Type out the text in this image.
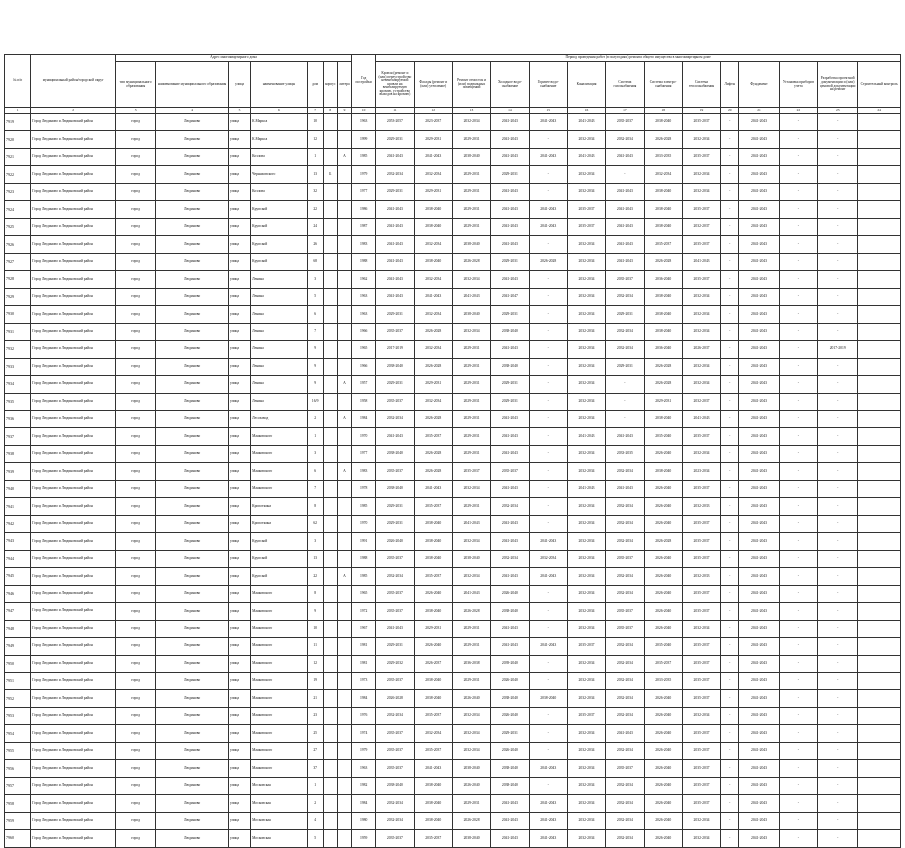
№ п/п	муниципальный район/городской округ	Адрес многоквартирного дома							Год постройки	Период проведения работ (в полугодиях) ремонта общего имущества в многоквартирном доме													
		тип муниципального образования	наименование муниципального образования	улица	наименование улицы	дом	корпус	литера		Кровля (ремонт и (или) переустройство невентилируемой кровли на вентилируемую кровлю, устройство выходов на кровлю)	Фасады (ремонт и (или) утепление)	Ремонт отмосток и (или) подвальных помещений	Холодное водо-снабжение	Горячее водо-снабжение	Канализация	Система газоснабжения	Система электро-снабжения	Система теплоснабжения	Лифты	Фундамент	Установка приборов учета	Разработка проектной документации и (или) ценовой документации на ремонт	Строительный контроль
1	2	3	4	5	6	7	8	9	10	11	12	13	14	15	16	17	18	19	20	21	22	23	24
7919	Город Людиново и Людиновский район	город	Людиново	улица	К.Маркса	10			1963	2053-2057	2023-2037	2032-2034	2041-2043	2041-2043	2041-2043	2035-2037	2038-2040	2035-2037	-	2041-2043	-	-	
7920	Город Людиново и Людиновский район	город	Людиново	улица	К.Маркса	12			1999	2029-2031	2029-2031	2029-2031	2041-2043	-	2032-2034	2032-2034	2026-2028	2032-2034	-	2041-2043	-	-	
7921	Город Людиново и Людиновский район	город	Людиново	улица	Козлова	1		А	1985	2041-2043	2041-2043	2038-2040	2041-2043	2041-2043	2041-2043	2041-2043	2033-2035	2035-2037	-	2041-2043	-	-	
7922	Город Людиново и Людиновский район	город	Людиново	улица	Черняховского	13	Б		1979	2032-2034	2032-2034	2029-2031	2029-2031	-	2032-2034	-	2032-2034	2032-2034	-	2041-2043	-	-	
7923	Город Людиново и Людиновский район	город	Людиново	улица	Козлова	32			1977	2029-2031	2029-2031	2029-2031	2041-2043	-	2032-2034	2041-2043	2038-2040	2032-2034	-	2041-2043	-	-	
7924	Город Людиново и Людиновский район	город	Людиново	улица	Крупской	22			1986	2041-2043	2038-2040	2029-2031	2041-2043	2041-2043	2035-2037	2041-2043	2038-2040	2035-2037	-	2041-2043	-	-	
7925	Город Людиново и Людиновский район	город	Людиново	улица	Крупской	24			1987	2041-2043	2038-2040	2029-2031	2041-2043	2041-2043	2035-2037	2041-2043	2038-2040	2032-2037	-	2041-2043	-	-	
7926	Город Людиново и Людиновский район	город	Людиново	улица	Крупской	26			1983	2041-2043	2032-2034	2038-2040	2041-2043	-	2032-2034	2041-2043	2035-2037	2035-2037	-	2041-2043	-	-	
7927	Город Людиново и Людиновский район	город	Людиново	улица	Крупской	68			1988	2041-2043	2038-2040	2026-2028	2029-2031	2026-2028	2032-2034	2041-2043	2026-2028	2041-2043	-	2041-2043	-	-	
7928	Город Людиново и Людиновский район	город	Людиново	улица	Ленина	3			1962	2041-2043	2032-2034	2032-2034	2041-2043	-	2032-2034	2035-2037	2036-2040	2035-2037	-	2041-2043	-	-	
7929	Город Людиново и Людиновский район	город	Людиново	улица	Ленина	5			1963	2041-2043	2041-2043	2041-2043	2041-2047	-	2032-2034	2032-2034	2038-2040	2032-2034	-	2041-2043	-	-	
7930	Город Людиново и Людиновский район	город	Людиново	улица	Ленина	6			1963	2029-2031	2032-2034	2038-2040	2029-2031	-	2032-2034	2029-2031	2038-2040	2032-2034	-	2041-2043	-	-	
7931	Город Людиново и Людиновский район	город	Людиново	улица	Ленина	7			1966	2035-2037	2026-2028	2032-2034	2038-2040	-	2032-2034	2032-2034	2038-2040	2032-2034	-	2041-2043	-	-	
7932	Город Людиново и Людиновский район	город	Людиново	улица	Ленина	9			1965	2017-2019	2032-2034	2029-2031	2041-2043	-	2032-2034	2032-2034	2036-2040	2026-2037	-	2041-2043	-	2017-2019	
7933	Город Людиново и Людиновский район	город	Людиново	улица	Ленина	9			1966	2038-2040	2026-2028	2029-2031	2038-2040	-	2032-2034	2029-2031	2026-2028	2032-2034	-	2041-2043	-	-	
7934	Город Людиново и Людиновский район	город	Людиново	улица	Ленина	9		А	1957	2029-2031	2029-2031	2029-2031	2029-2031	-	2032-2034	-	2026-2028	2032-2034	-	2041-2043	-	-	
7935	Город Людиново и Людиновский район	город	Людиново	улица	Ленина	16/9			1958	2035-2037	2032-2034	2029-2031	2029-2031	-	2032-2034	-	2029-2031	2032-2037	-	2041-2043	-	-	
7936	Город Людиново и Людиновский район	город	Людиново	улица	Лесозавод	2		А	1984	2032-2034	2026-2028	2029-2031	2041-2043	-	2032-2034	-	2038-2040	2041-2043	-	2041-2043	-	-	
7937	Город Людиново и Людиновский район	город	Людиново	улица	Маяковского	1			1970	2041-2043	2035-2037	2029-2031	2041-2043	-	2041-2043	2041-2043	2035-2040	2035-2037	-	2041-2043	-	-	
7938	Город Людиново и Людиновский район	город	Людиново	улица	Маяковского	3			1977	2038-2040	2026-2028	2029-2031	2041-2043	-	2032-2034	2033-2035	2026-2040	2032-2034	-	2041-2043	-	-	
7939	Город Людиново и Людиновский район	город	Людиново	улица	Маяковского	6		А	1983	2035-2037	2026-2028	2035-2037	2035-2037	-	2032-2034	2032-2034	2038-2040	2023-2034	-	2041-2043	-	-	
7940	Город Людиново и Людиновский район	город	Людиново	улица	Маяковского	7			1978	2038-2040	2041-2043	2032-2034	2041-2043	-	2041-2043	2041-2043	2026-2040	2035-2037	-	2041-2043	-	-	
7941	Город Людиново и Людиновский район	город	Людиново	улица	Кропоткина	8			1985	2029-2031	2035-2037	2029-2031	2032-2034	-	2032-2034	2032-2034	2026-2040	2032-2033	-	2041-2043	-	-	
7942	Город Людиново и Людиновский район	город	Людиново	улица	Кропоткина	62			1970	2029-2031	2038-2040	2041-2043	2041-2043	-	2032-2034	2032-2034	2026-2040	2035-2037	-	2041-2043	-	-	
7943	Город Людиново и Людиновский район	город	Людиново	улица	Крупской	3			1991	2026-2040	2038-2040	2032-2034	2041-2043	2041-2043	2032-2034	2032-2034	2026-2028	2035-2037	-	2041-2043	-	-	
7944	Город Людиново и Людиновский район	город	Людиново	улица	Крупской	13			1988	2035-2037	2038-2040	2038-2040	2032-2034	2032-2034	2032-2034	2035-2037	2026-2040	2035-2037	-	2041-2043	-	-	
7945	Город Людиново и Людиновский район	город	Людиново	улица	Крупской	22		А	1985	2032-2034	2035-2037	2032-2034	2041-2043	2041-2043	2032-2034	2032-2034	2026-2040	2032-2033	-	2041-2043	-	-	
7946	Город Людиново и Людиновский район	город	Людиново	улица	Маяковского	8			1965	2035-2037	2026-2040	2041-2043	2026-2040	-	2032-2034	2032-2034	2026-2040	2035-2037	-	2041-2043	-	-	
7947	Город Людиново и Людиновский район	город	Людиново	улица	Маяковского	9			1972	2035-2037	2038-2040	2026-2028	2038-2040	-	2032-2034	2035-2037	2026-2040	2035-2037	-	2041-2043	-	-	
7948	Город Людиново и Людиновский район	город	Людиново	улица	Маяковского	10			1967	2041-2043	2029-2031	2029-2031	2041-2043	-	2032-2034	2035-2037	2026-2040	2032-2034	-	2041-2043	-	-	
7949	Город Людиново и Людиновский район	город	Людиново	улица	Маяковского	11			1981	2029-2031	2026-2040	2029-2031	2041-2043	2041-2043	2035-2037	2032-2034	2035-2040	2035-2037	-	2041-2043	-	-	
7950	Город Людиново и Людиновский район	город	Людиново	улица	Маяковского	12			1981	2029-2032	2026-2037	2036-2038	2039-2040	-	2032-2034	2032-2034	2035-2037	2035-2037	-	2041-2043	-	-	
7951	Город Людиново и Людиновский район	город	Людиново	улица	Маяковского	19			1973	2035-2037	2038-2040	2029-2031	2026-2040	-	2032-2034	2032-2034	2033-2035	2035-2037	-	2041-2043	-	-	
7952	Город Людиново и Людиновский район	город	Людиново	улица	Маяковского	21			1984	2026-2028	2038-2040	2026-2040	2038-2040	2038-2040	2032-2034	2032-2034	2026-2040	2035-2037	-	2041-2043	-	-	
7953	Город Людиново и Людиновский район	город	Людиново	улица	Маяковского	23			1976	2032-2034	2035-2037	2032-2034	2026-2040	-	2035-2037	2032-2034	2026-2040	2032-2034	-	2041-2043	-	-	
7954	Город Людиново и Людиновский район	город	Людиново	улица	Маяковского	25			1974	2035-2037	2032-2034	2032-2034	2029-2031	-	2032-2034	2041-2043	2026-2040	2035-2037	-	2041-2043	-	-	
7955	Город Людиново и Людиновский район	город	Людиново	улица	Маяковского	27			1979	2035-2037	2035-2037	2032-2034	2026-2040	-	2032-2034	2032-2034	2026-2040	2035-2037	-	2041-2043	-	-	
7956	Город Людиново и Людиновский район	город	Людиново	улица	Маяковского	37			1963	2035-2037	2041-2043	2038-2040	2038-2040	2041-2043	2032-2034	2035-2037	2026-2040	2035-2037	-	2041-2043	-	-	
7957	Город Людиново и Людиновский район	город	Людиново	улица	Московская	1			1982	2038-2040	2038-2040	2026-2040	2038-2040	-	2032-2034	2032-2034	2026-2040	2035-2037	-	2041-2043	-	-	
7958	Город Людиново и Людиновский район	город	Людиново	улица	Московская	2			1984	2032-2034	2038-2040	2029-2031	2041-2043	2041-2043	2032-2034	2032-2034	2026-2040	2035-2037	-	2041-2043	-	-	
7959	Город Людиново и Людиновский район	город	Людиново	улица	Московская	4			1980	2032-2034	2038-2040	2026-2028	2041-2043	2041-2043	2032-2034	2032-2034	2026-2040	2032-2034	-	2041-2043	-	-	
7960	Город Людиново и Людиновский район	город	Людиново	улица	Московская	5			1959	2035-2037	2035-2037	2038-2040	2041-2043	2041-2043	2032-2034	2032-2034	2026-2040	2032-2034	-	2041-2043	-	-	
